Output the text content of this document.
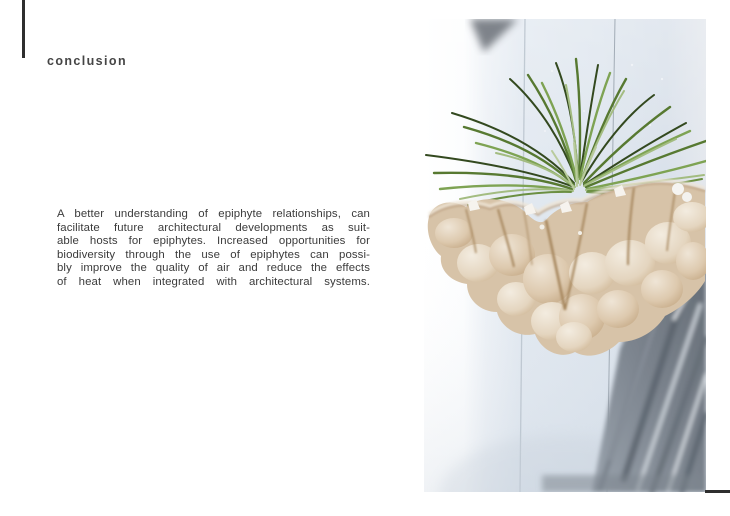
conclusion
A better understanding of epiphyte relationships, can
facilitate future architectural developments as suit-
able hosts for epiphytes. Increased opportunities for
biodiversity through the use of epiphytes can possi-
bly improve the quality of air and reduce the effects
of heat when integrated with architectural systems.
